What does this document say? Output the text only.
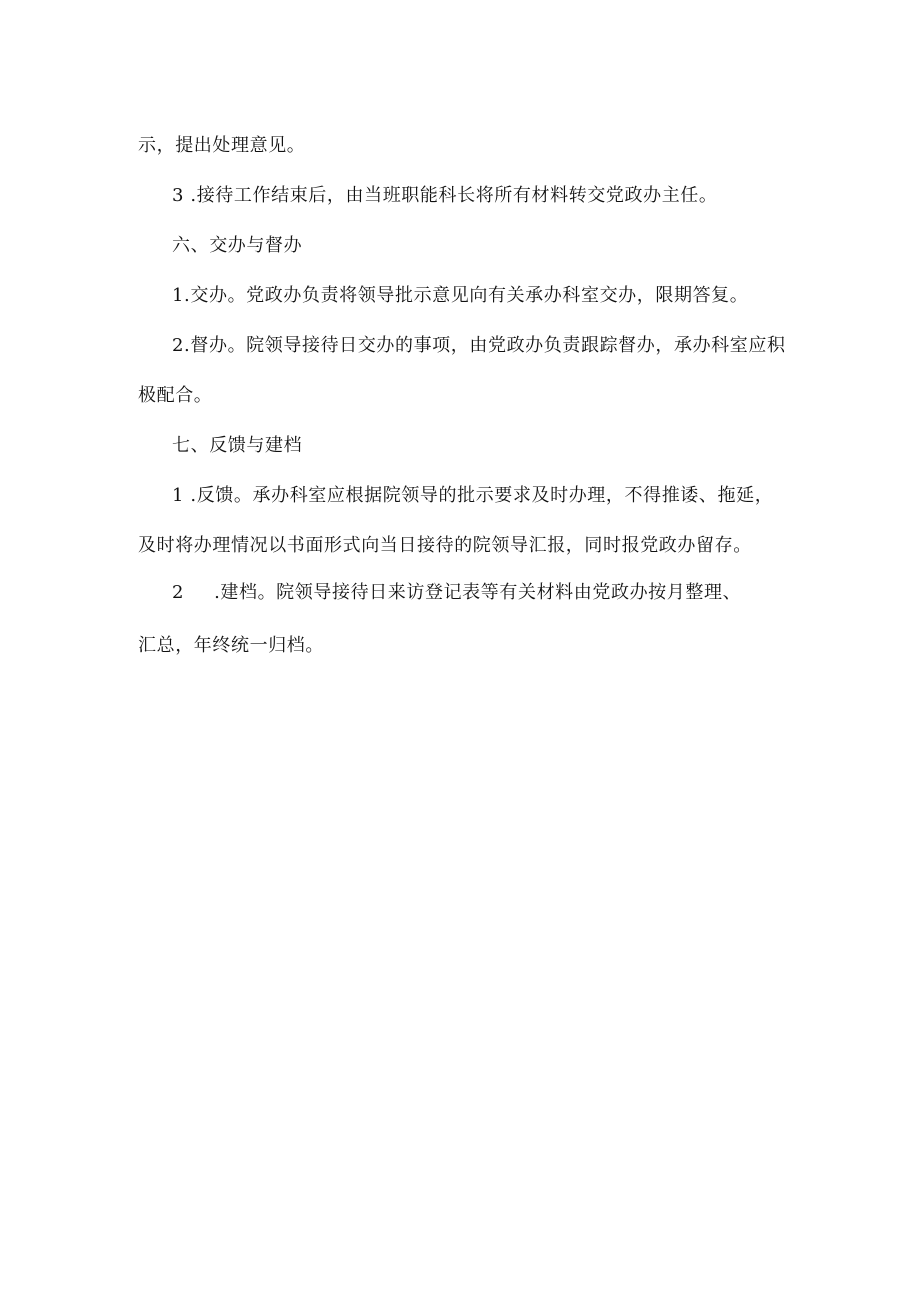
示，提出处理意见。
3 .接待工作结束后，由当班职能科长将所有材料转交党政办主任。
六、交办与督办
1.交办。党政办负责将领导批示意见向有关承办科室交办，限期答复。
2.督办。院领导接待日交办的事项，由党政办负责跟踪督办，承办科室应积
极配合。
七、反馈与建档
1 .反馈。承办科室应根据院领导的批示要求及时办理，不得推诿、拖延，
及时将办理情况以书面形式向当日接待的院领导汇报，同时报党政办留存。
2 .建档。院领导接待日来访登记表等有关材料由党政办按月整理、
汇总，年终统一归档。
